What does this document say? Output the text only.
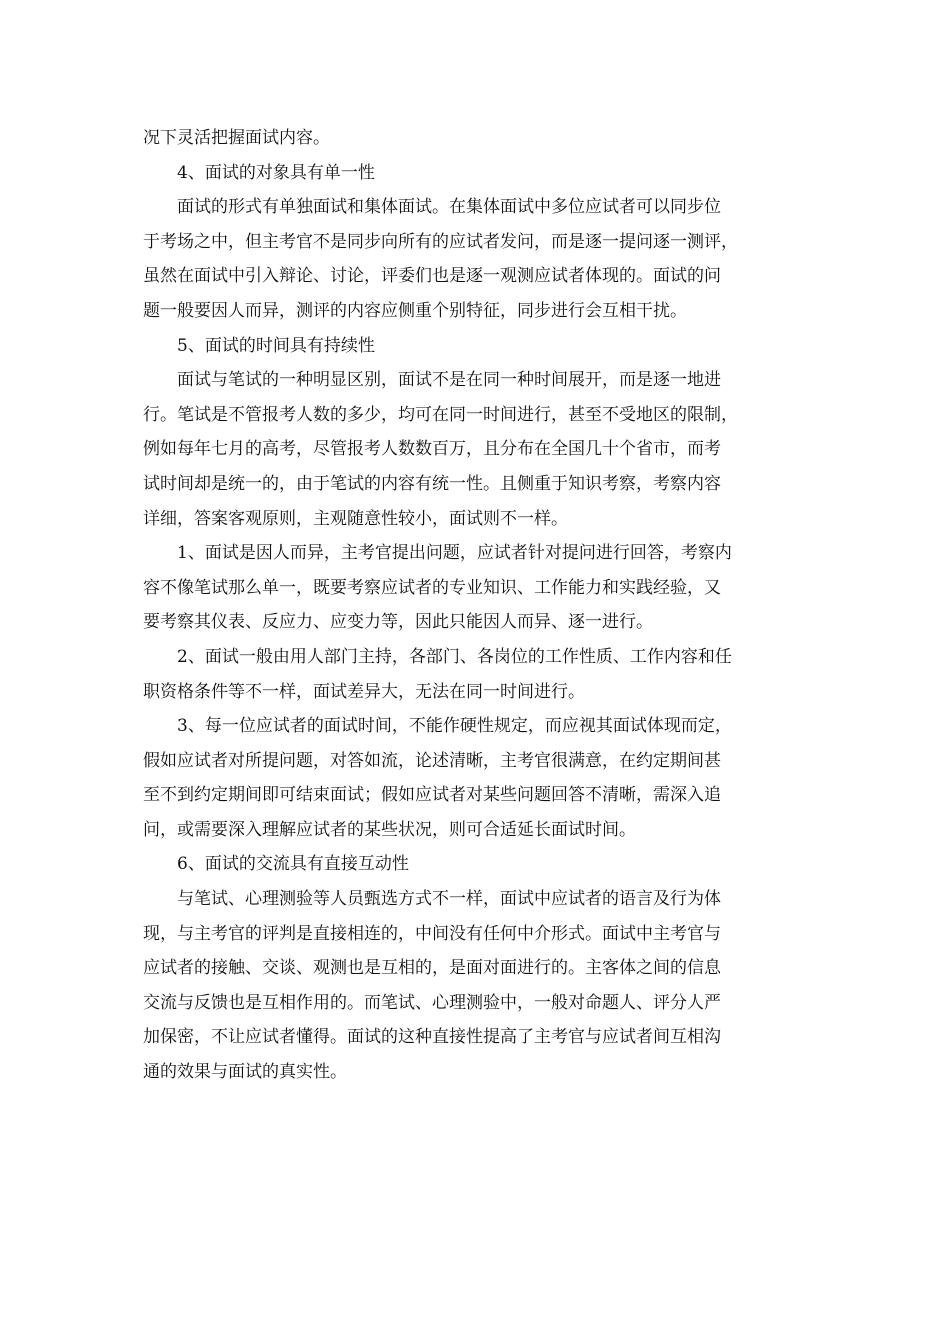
况下灵活把握面试内容。

4、面试的对象具有单一性

面试的形式有单独面试和集体面试。在集体面试中多位应试者可以同步位
于考场之中，但主考官不是同步向所有的应试者发问，而是逐一提问逐一测评，
虽然在面试中引入辩论、讨论，评委们也是逐一观测应试者体现的。面试的问
题一般要因人而异，测评的内容应侧重个别特征，同步进行会互相干扰。

5、面试的时间具有持续性

面试与笔试的一种明显区别，面试不是在同一种时间展开，而是逐一地进
行。笔试是不管报考人数的多少，均可在同一时间进行，甚至不受地区的限制，
例如每年七月的高考，尽管报考人数数百万，且分布在全国几十个省市，而考
试时间却是统一的，由于笔试的内容有统一性。且侧重于知识考察，考察内容
详细，答案客观原则，主观随意性较小，面试则不一样。

1、面试是因人而异，主考官提出问题，应试者针对提问进行回答，考察内
容不像笔试那么单一，既要考察应试者的专业知识、工作能力和实践经验，又
要考察其仪表、反应力、应变力等，因此只能因人而异、逐一进行。

2、面试一般由用人部门主持，各部门、各岗位的工作性质、工作内容和任
职资格条件等不一样，面试差异大，无法在同一时间进行。

3、每一位应试者的面试时间，不能作硬性规定，而应视其面试体现而定，
假如应试者对所提问题，对答如流，论述清晰，主考官很满意，在约定期间甚
至不到约定期间即可结束面试；假如应试者对某些问题回答不清晰，需深入追
问，或需要深入理解应试者的某些状况，则可合适延长面试时间。

6、面试的交流具有直接互动性

与笔试、心理测验等人员甄选方式不一样，面试中应试者的语言及行为体
现，与主考官的评判是直接相连的，中间没有任何中介形式。面试中主考官与
应试者的接触、交谈、观测也是互相的，是面对面进行的。主客体之间的信息
交流与反馈也是互相作用的。而笔试、心理测验中，一般对命题人、评分人严
加保密，不让应试者懂得。面试的这种直接性提高了主考官与应试者间互相沟
通的效果与面试的真实性。
